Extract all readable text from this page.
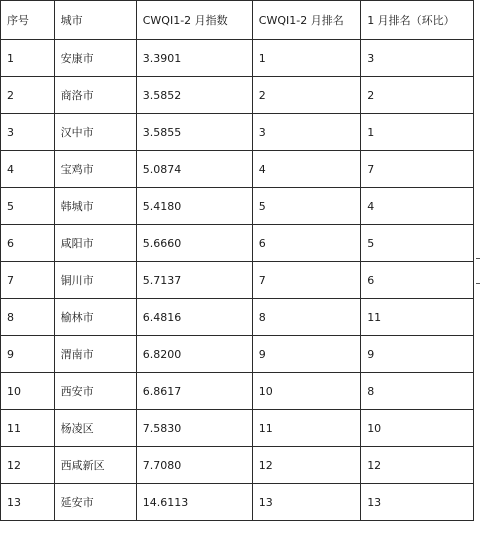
序号	城市	CWQI1-2 月指数	CWQI1-2 月排名	1 月排名（环比）
1	安康市	3.3901	1	3
2	商洛市	3.5852	2	2
3	汉中市	3.5855	3	1
4	宝鸡市	5.0874	4	7
5	韩城市	5.4180	5	4
6	咸阳市	5.6660	6	5
7	铜川市	5.7137	7	6
8	榆林市	6.4816	8	11
9	渭南市	6.8200	9	9
10	西安市	6.8617	10	8
11	杨凌区	7.5830	11	10
12	西咸新区	7.7080	12	12
13	延安市	14.6113	13	13
